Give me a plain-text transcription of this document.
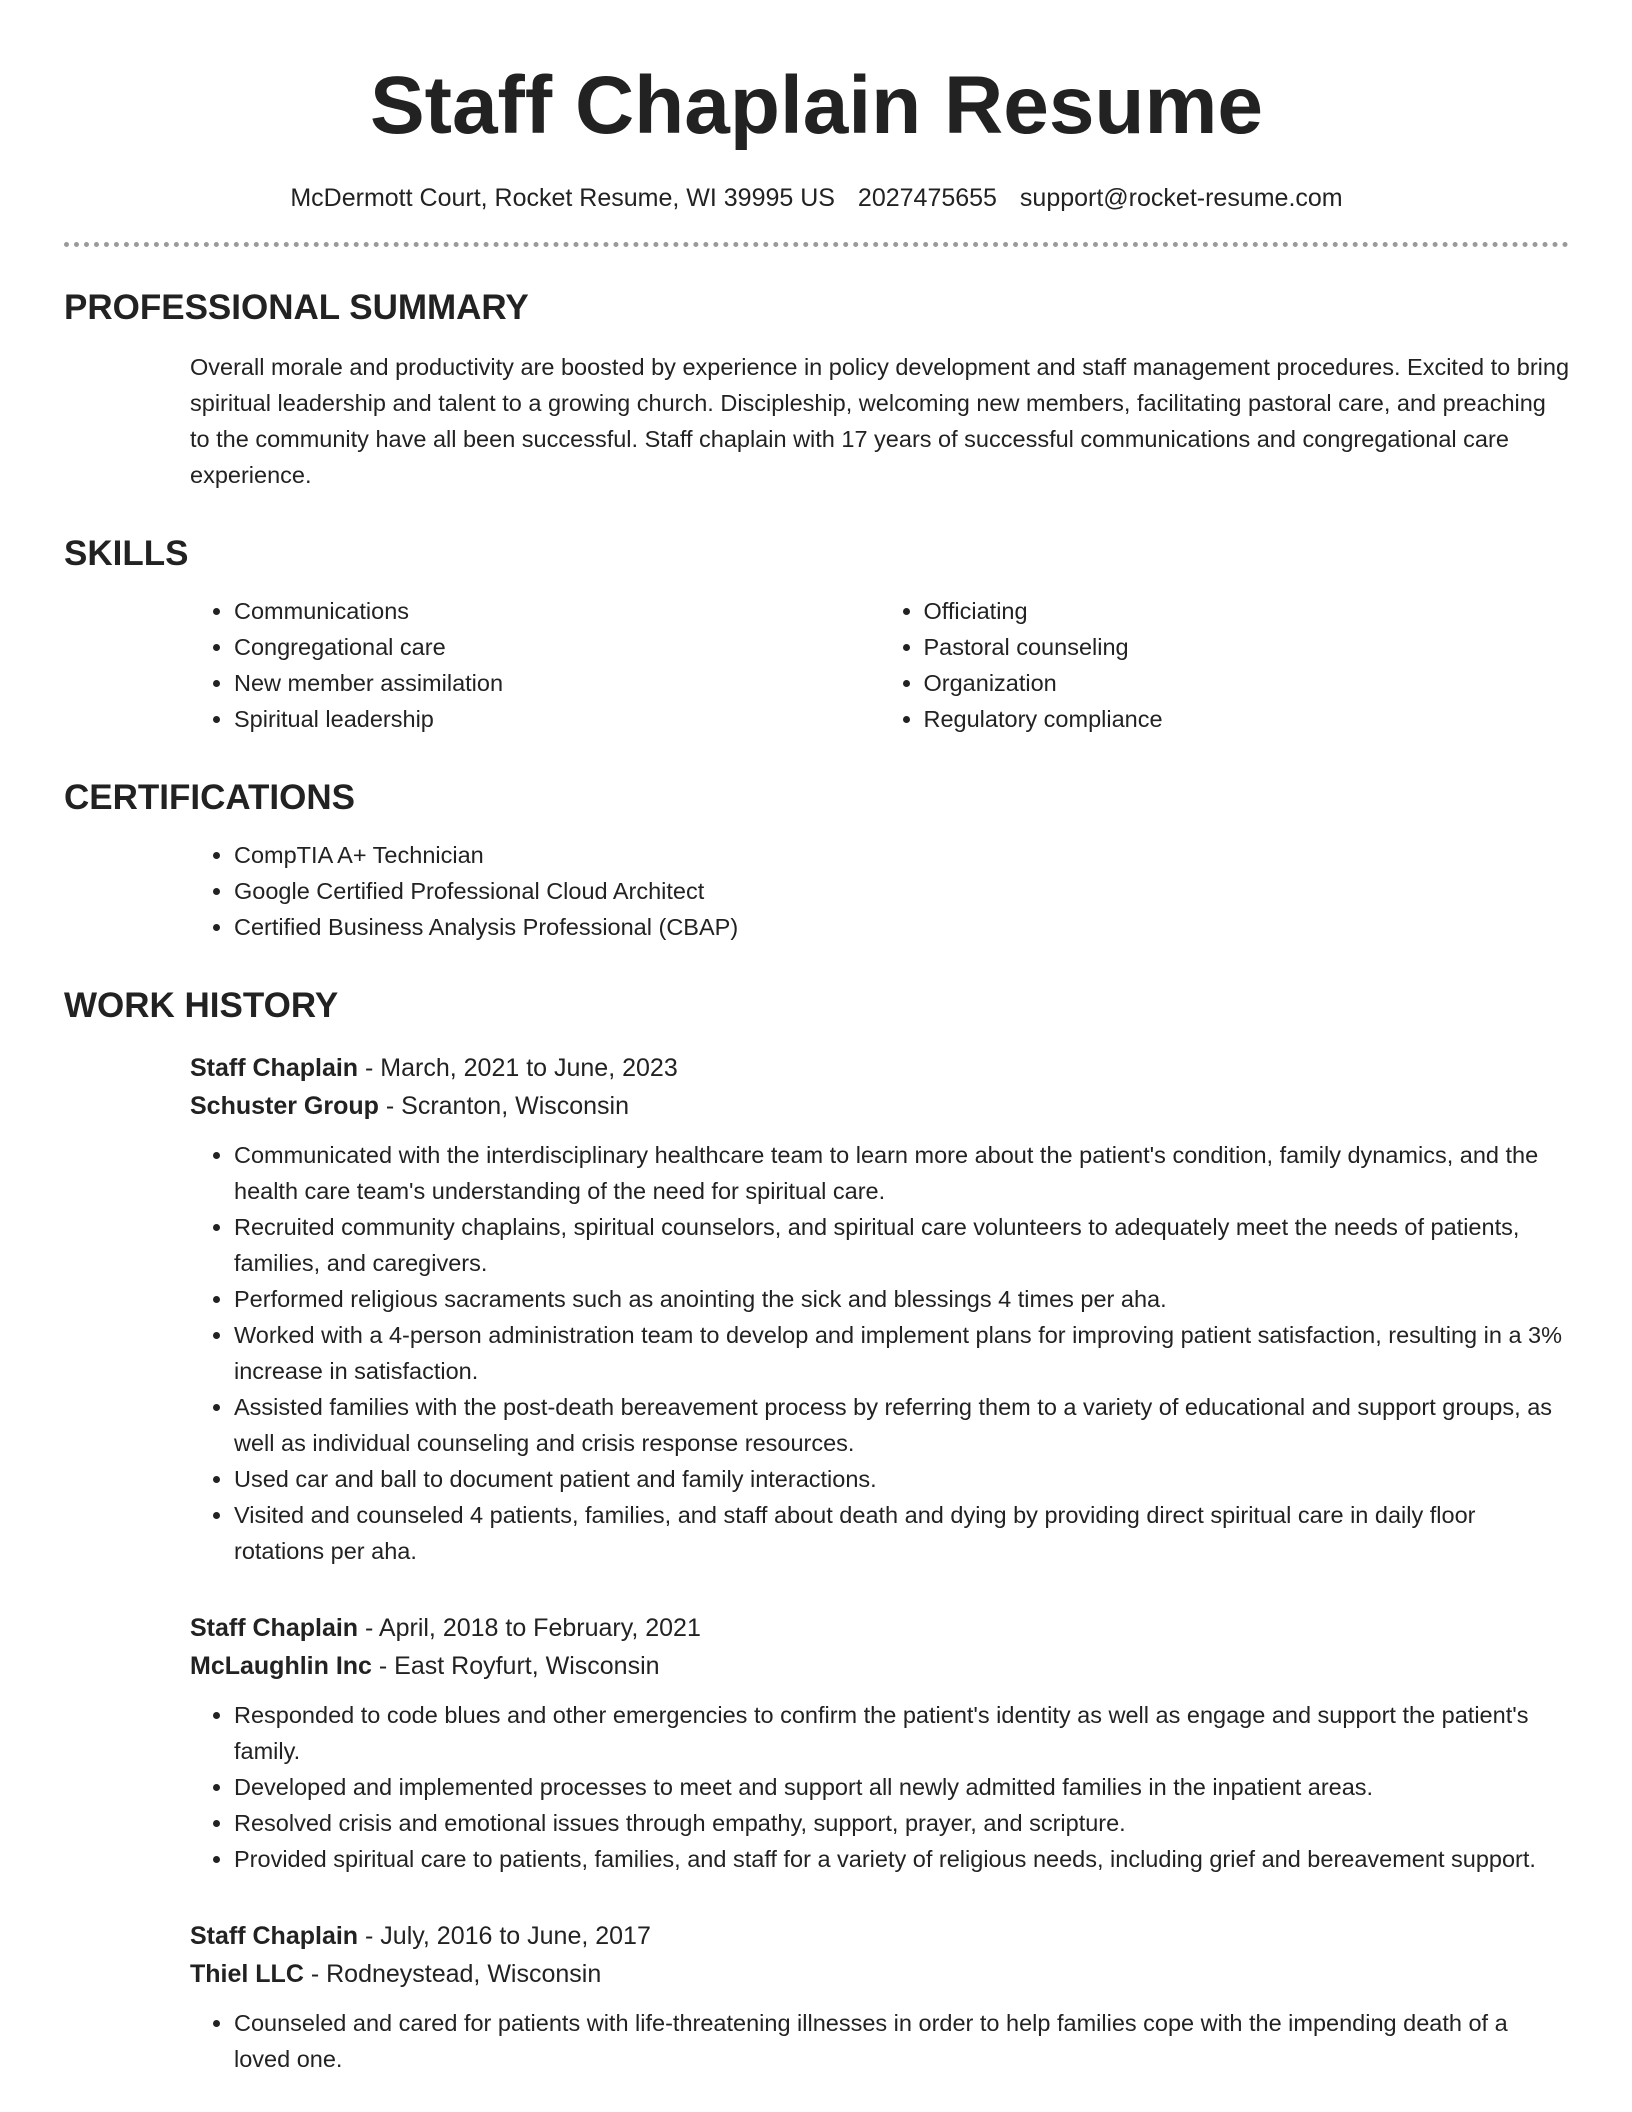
Staff Chaplain Resume
McDermott Court, Rocket Resume, WI 39995 US 2027475655 support@rocket-resume.com
PROFESSIONAL SUMMARY
Overall morale and productivity are boosted by experience in policy development and staff management procedures. Excited to bring spiritual leadership and talent to a growing church. Discipleship, welcoming new members, facilitating pastoral care, and preaching to the community have all been successful. Staff chaplain with 17 years of successful communications and congregational care experience.
SKILLS
• Communications
• Congregational care
• New member assimilation
• Spiritual leadership
• Officiating
• Pastoral counseling
• Organization
• Regulatory compliance
CERTIFICATIONS
• CompTIA A+ Technician
• Google Certified Professional Cloud Architect
• Certified Business Analysis Professional (CBAP)
WORK HISTORY
Staff Chaplain - March, 2021 to June, 2023
Schuster Group - Scranton, Wisconsin
• Communicated with the interdisciplinary healthcare team to learn more about the patient's condition, family dynamics, and the health care team's understanding of the need for spiritual care.
• Recruited community chaplains, spiritual counselors, and spiritual care volunteers to adequately meet the needs of patients, families, and caregivers.
• Performed religious sacraments such as anointing the sick and blessings 4 times per aha.
• Worked with a 4-person administration team to develop and implement plans for improving patient satisfaction, resulting in a 3% increase in satisfaction.
• Assisted families with the post-death bereavement process by referring them to a variety of educational and support groups, as well as individual counseling and crisis response resources.
• Used car and ball to document patient and family interactions.
• Visited and counseled 4 patients, families, and staff about death and dying by providing direct spiritual care in daily floor rotations per aha.
Staff Chaplain - April, 2018 to February, 2021
McLaughlin Inc - East Royfurt, Wisconsin
• Responded to code blues and other emergencies to confirm the patient's identity as well as engage and support the patient's family.
• Developed and implemented processes to meet and support all newly admitted families in the inpatient areas.
• Resolved crisis and emotional issues through empathy, support, prayer, and scripture.
• Provided spiritual care to patients, families, and staff for a variety of religious needs, including grief and bereavement support.
Staff Chaplain - July, 2016 to June, 2017
Thiel LLC - Rodneystead, Wisconsin
• Counseled and cared for patients with life-threatening illnesses in order to help families cope with the impending death of a loved one.
